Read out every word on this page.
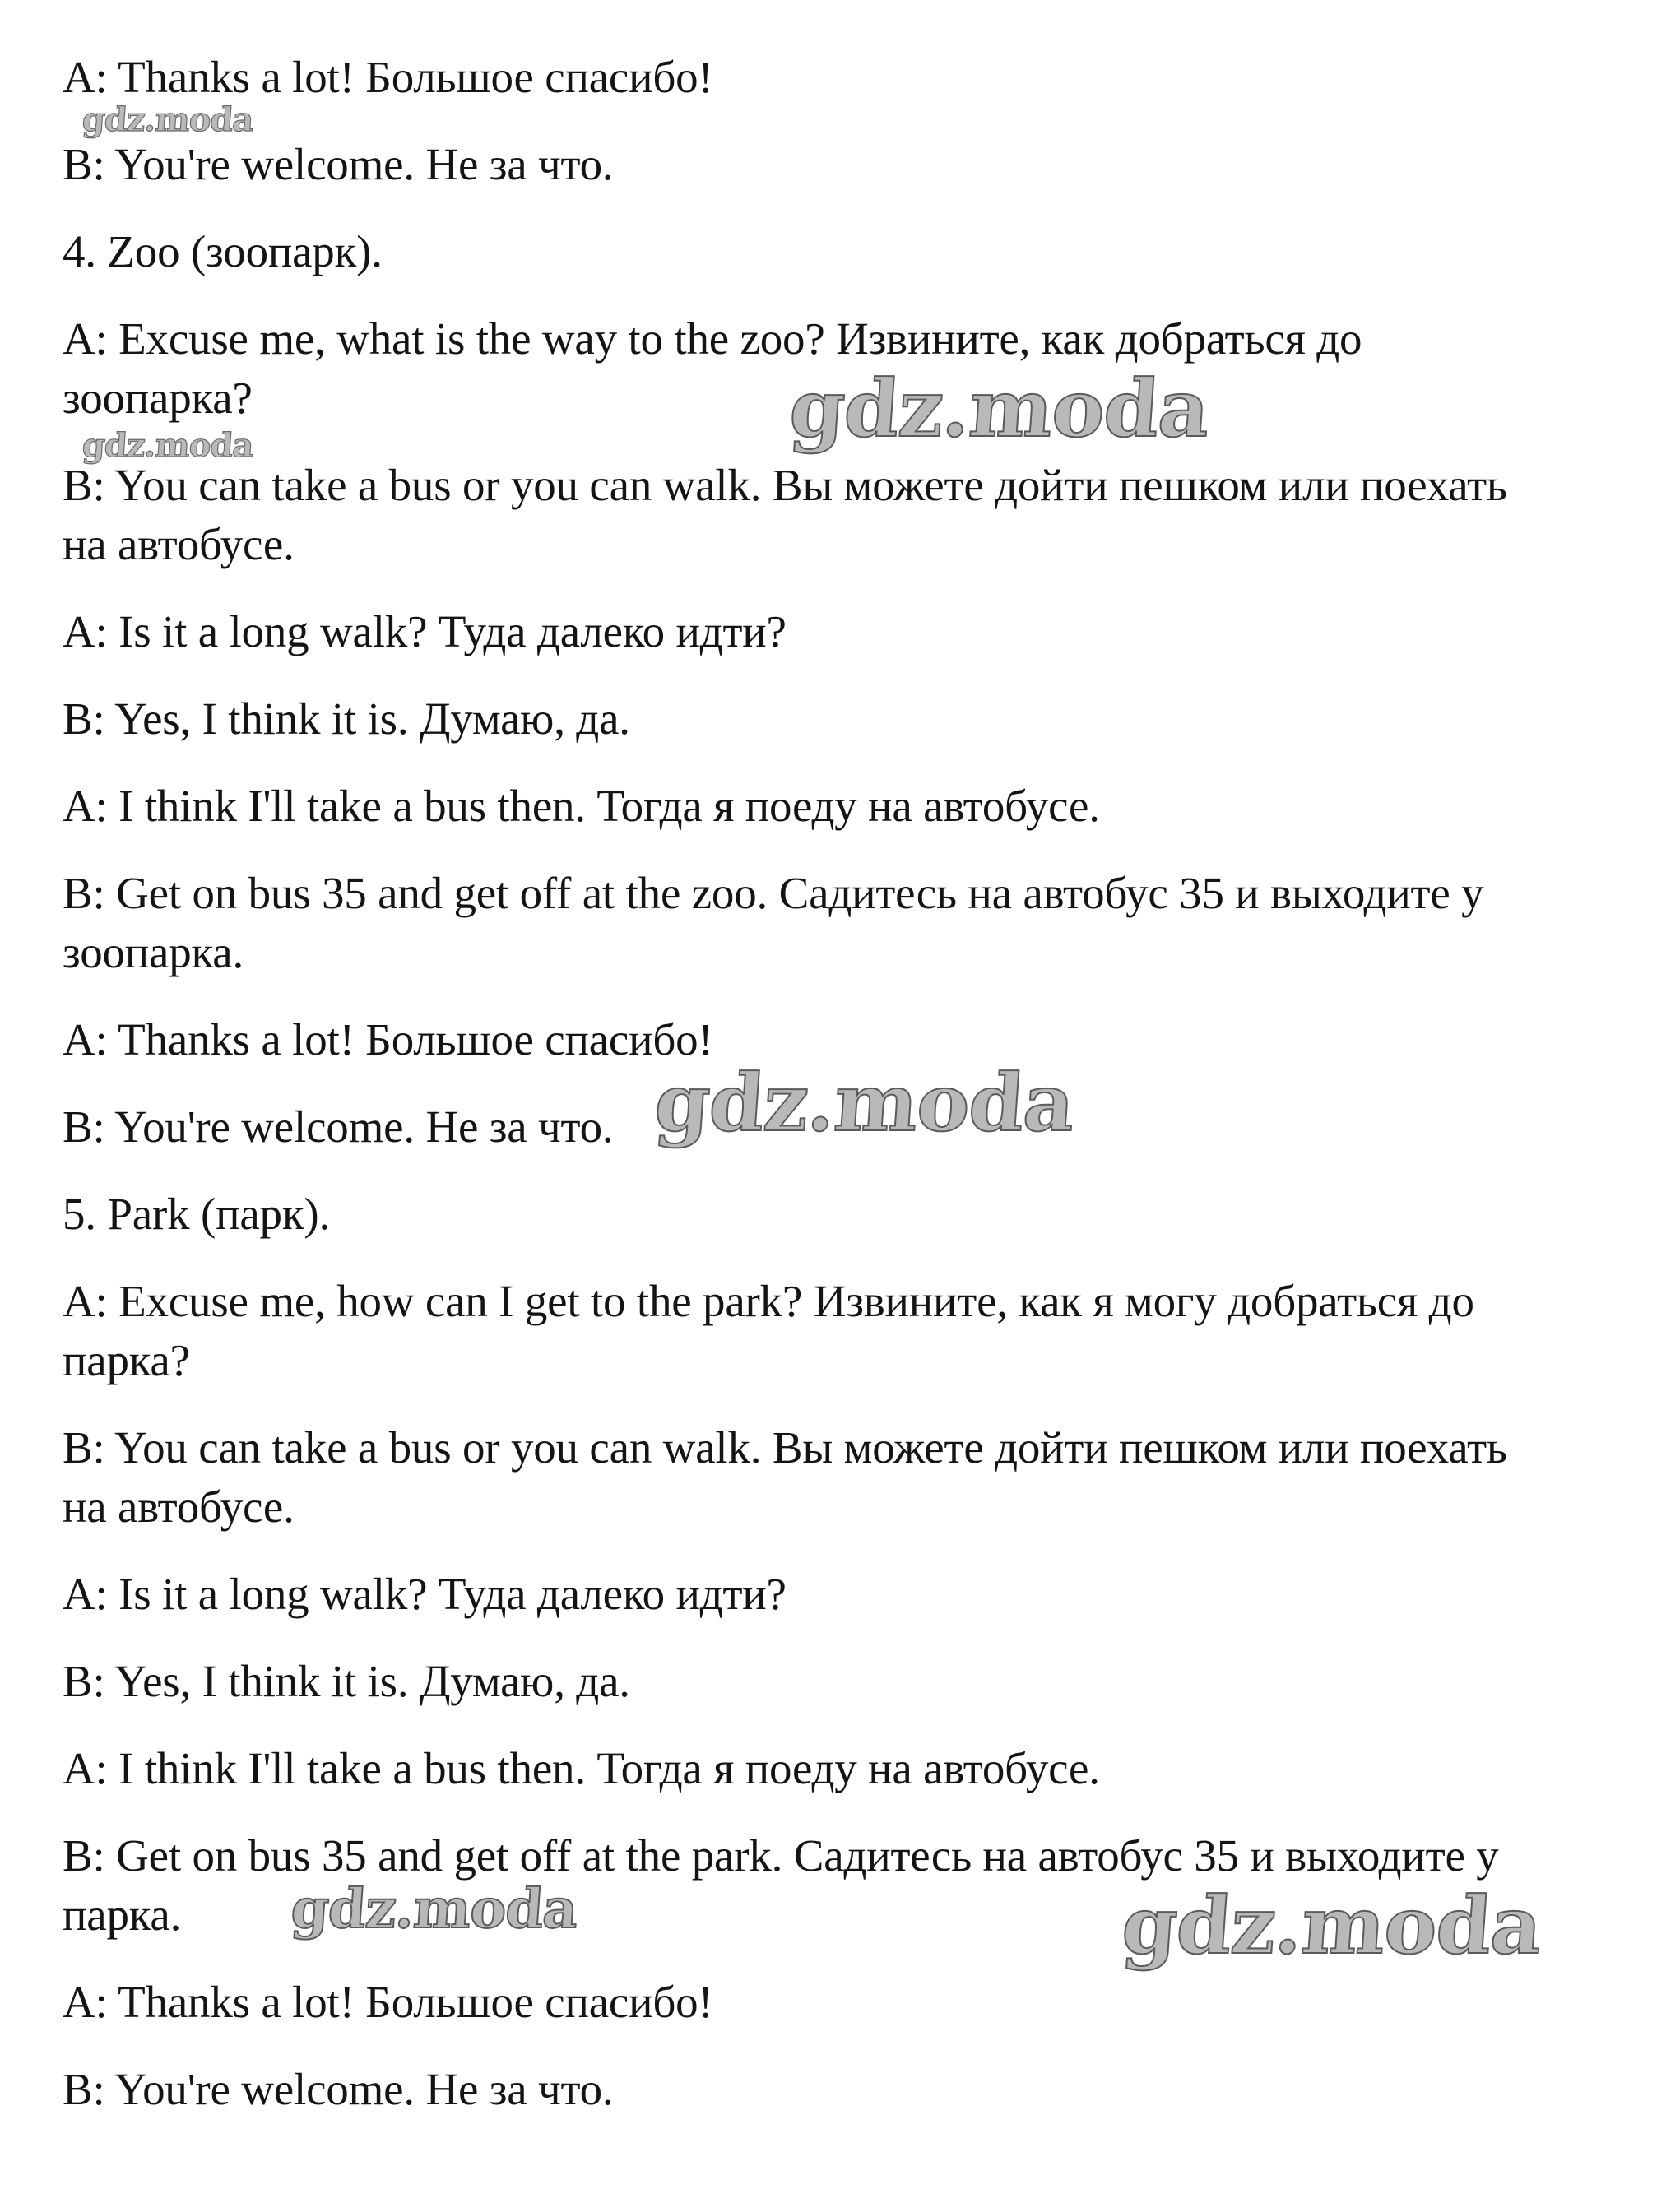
A: Thanks a lot! Большое спасибо!
B: You're welcome. Не за что.
4. Zoo (зоопарк).
A: Excuse me, what is the way to the zoo? Извините, как добраться до
зоопарка?
B: You can take a bus or you can walk. Вы можете дойти пешком или поехать
на автобусе.
A: Is it a long walk? Туда далеко идти?
B: Yes, I think it is. Думаю, да.
A: I think I'll take a bus then. Тогда я поеду на автобусе.
B: Get on bus 35 and get off at the zoo. Садитесь на автобус 35 и выходите у
зоопарка.
A: Thanks a lot! Большое спасибо!
B: You're welcome. Не за что.
5. Park (парк).
A: Excuse me, how can I get to the park? Извините, как я могу добраться до
парка?
B: You can take a bus or you can walk. Вы можете дойти пешком или поехать
на автобусе.
A: Is it a long walk? Туда далеко идти?
B: Yes, I think it is. Думаю, да.
A: I think I'll take a bus then. Тогда я поеду на автобусе.
B: Get on bus 35 and get off at the park. Садитесь на автобус 35 и выходите у
парка.
A: Thanks a lot! Большое спасибо!
B: You're welcome. Не за что.
gdz.moda
gdz.moda	gdz.moda
gdz.moda
gdz.moda	gdz.moda
